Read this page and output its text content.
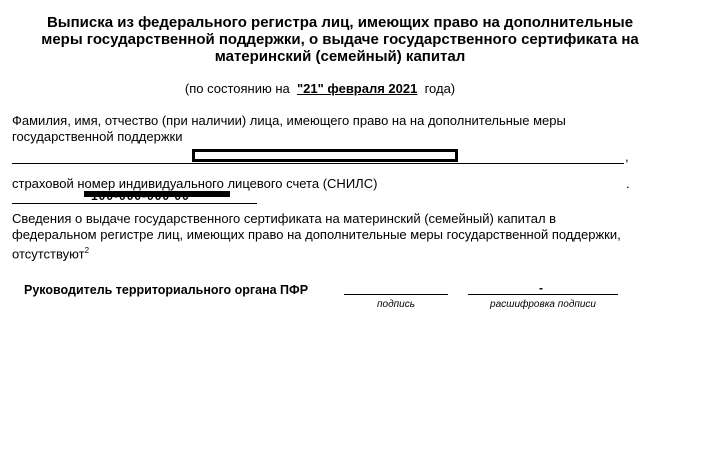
Выписка из федерального регистра лиц, имеющих право на дополнительные меры государственной поддержки, о выдаче государственного сертификата на материнский (семейный) капитал
(по состоянию на "21" февраля 2021 года)
Фамилия, имя, отчество (при наличии) лица, имеющего право на на дополнительные меры государственной поддержки
,
страховой номер индивидуального лицевого счета (СНИЛС)	.
Сведения о выдаче государственного сертификата на материнский (семейный) капитал в федеральном регистре лиц, имеющих право на дополнительные меры государственной поддержки, отсутствуют$^2$
Руководитель территориального органа ПФР
подпись
-
расшифровка подписи
